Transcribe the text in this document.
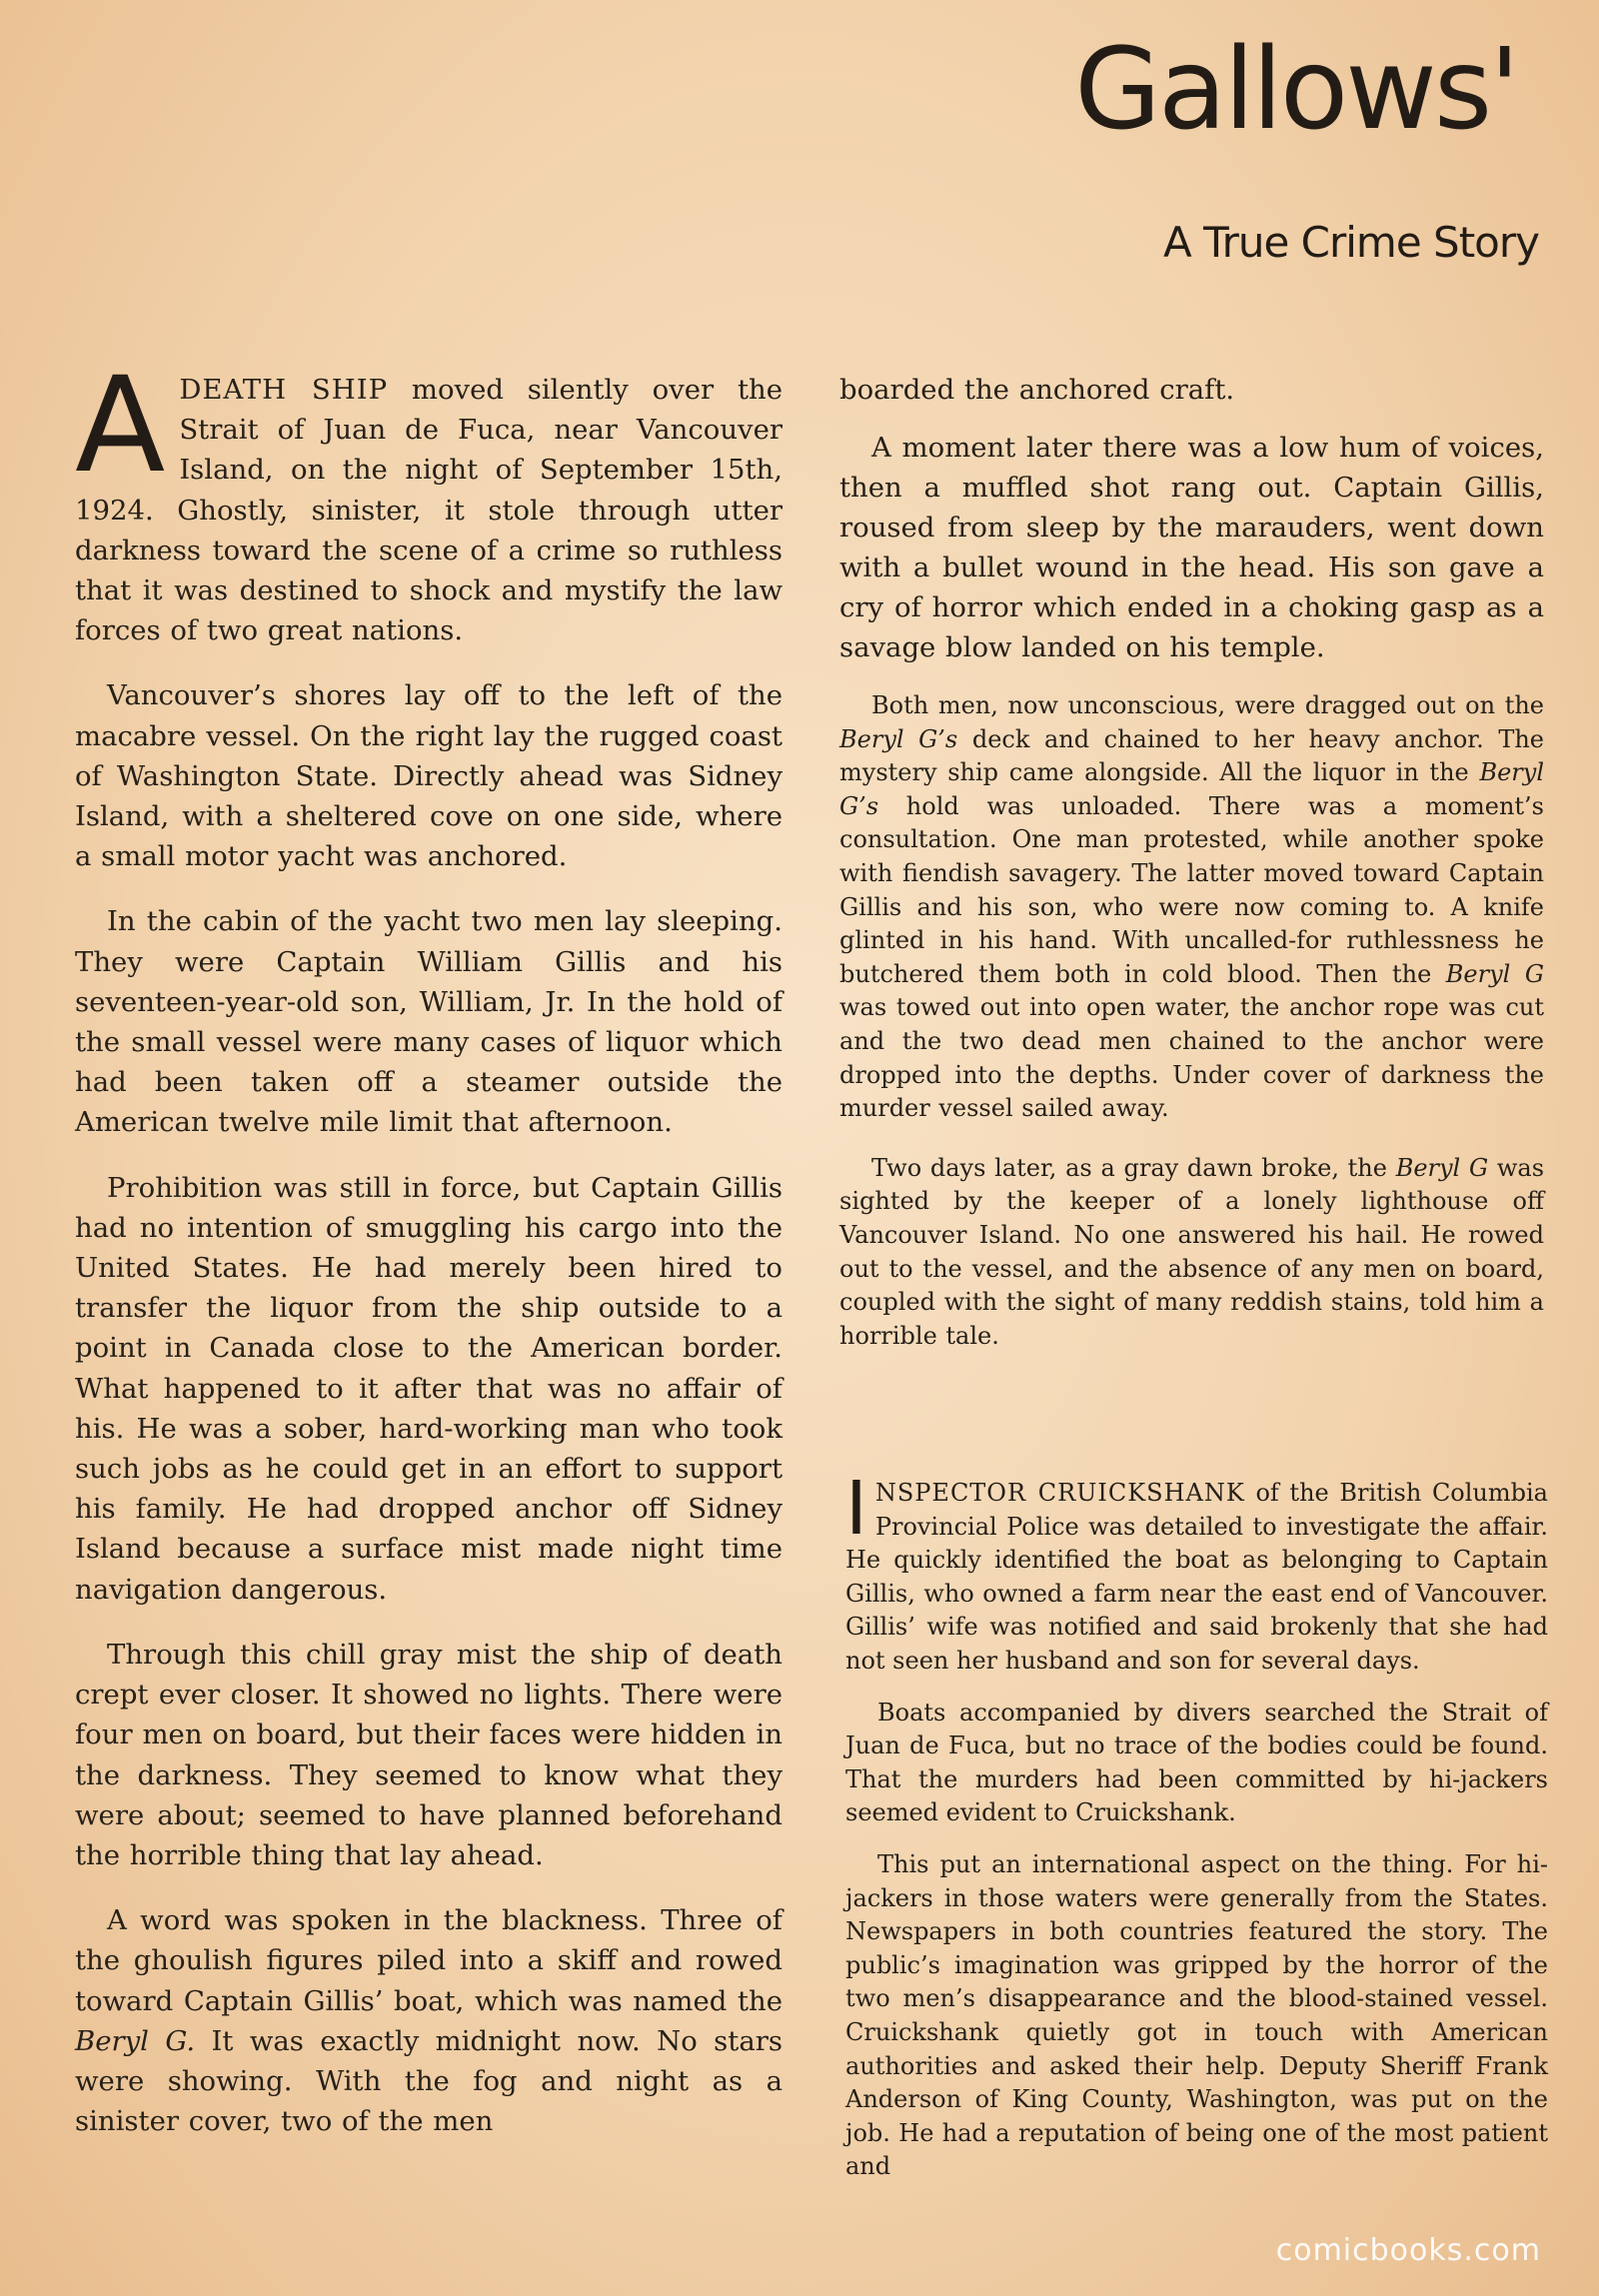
Gallows'
A True Crime Story

ADEATH SHIP moved silently over the Strait of Juan de Fuca, near Vancouver Island, on the night of September 15th, 1924. Ghostly, sinister, it stole through utter darkness toward the scene of a crime so ruthless that it was destined to shock and mystify the law forces of two great nations.

Vancouver’s shores lay off to the left of the macabre vessel. On the right lay the rugged coast of Washington State. Directly ahead was Sidney Island, with a sheltered cove on one side, where a small motor yacht was anchored.

In the cabin of the yacht two men lay sleeping. They were Captain William Gillis and his seventeen-year-old son, William, Jr. In the hold of the small vessel were many cases of liquor which had been taken off a steamer outside the American twelve mile limit that afternoon.

Prohibition was still in force, but Captain Gillis had no intention of smuggling his cargo into the United States. He had merely been hired to transfer the liquor from the ship outside to a point in Canada close to the American border. What happened to it after that was no affair of his. He was a sober, hard-working man who took such jobs as he could get in an effort to support his family. He had dropped anchor off Sidney Island because a surface mist made night time navigation dangerous.

Through this chill gray mist the ship of death crept ever closer. It showed no lights. There were four men on board, but their faces were hidden in the darkness. They seemed to know what they were about; seemed to have planned beforehand the horrible thing that lay ahead.

A word was spoken in the blackness. Three of the ghoulish figures piled into a skiff and rowed toward Captain Gillis’ boat, which was named the Beryl G. It was exactly midnight now. No stars were showing. With the fog and night as a sinister cover, two of the men

boarded the anchored craft.

A moment later there was a low hum of voices, then a muffled shot rang out. Captain Gillis, roused from sleep by the marauders, went down with a bullet wound in the head. His son gave a cry of horror which ended in a choking gasp as a savage blow landed on his temple.

Both men, now unconscious, were dragged out on the Beryl G’s deck and chained to her heavy anchor. The mystery ship came alongside. All the liquor in the Beryl G’s hold was unloaded. There was a moment’s consultation. One man protested, while another spoke with fiendish savagery. The latter moved toward Captain Gillis and his son, who were now coming to. A knife glinted in his hand. With uncalled-for ruthlessness he butchered them both in cold blood. Then the Beryl G was towed out into open water, the anchor rope was cut and the two dead men chained to the anchor were dropped into the depths. Under cover of darkness the murder vessel sailed away.

Two days later, as a gray dawn broke, the Beryl G was sighted by the keeper of a lonely lighthouse off Vancouver Island. No one answered his hail. He rowed out to the vessel, and the absence of any men on board, coupled with the sight of many reddish stains, told him a horrible tale.

INSPECTOR CRUICKSHANK of the British Columbia Provincial Police was detailed to investigate the affair. He quickly identified the boat as belonging to Captain Gillis, who owned a farm near the east end of Vancouver. Gillis’ wife was notified and said brokenly that she had not seen her husband and son for several days.

Boats accompanied by divers searched the Strait of Juan de Fuca, but no trace of the bodies could be found. That the murders had been committed by hi-jackers seemed evident to Cruickshank.

This put an international aspect on the thing. For hi-jackers in those waters were generally from the States. Newspapers in both countries featured the story. The public’s imagination was gripped by the horror of the two men’s disappearance and the blood-stained vessel. Cruickshank quietly got in touch with American authorities and asked their help. Deputy Sheriff Frank Anderson of King County, Washington, was put on the job. He had a reputation of being one of the most patient and

comicbooks.com
